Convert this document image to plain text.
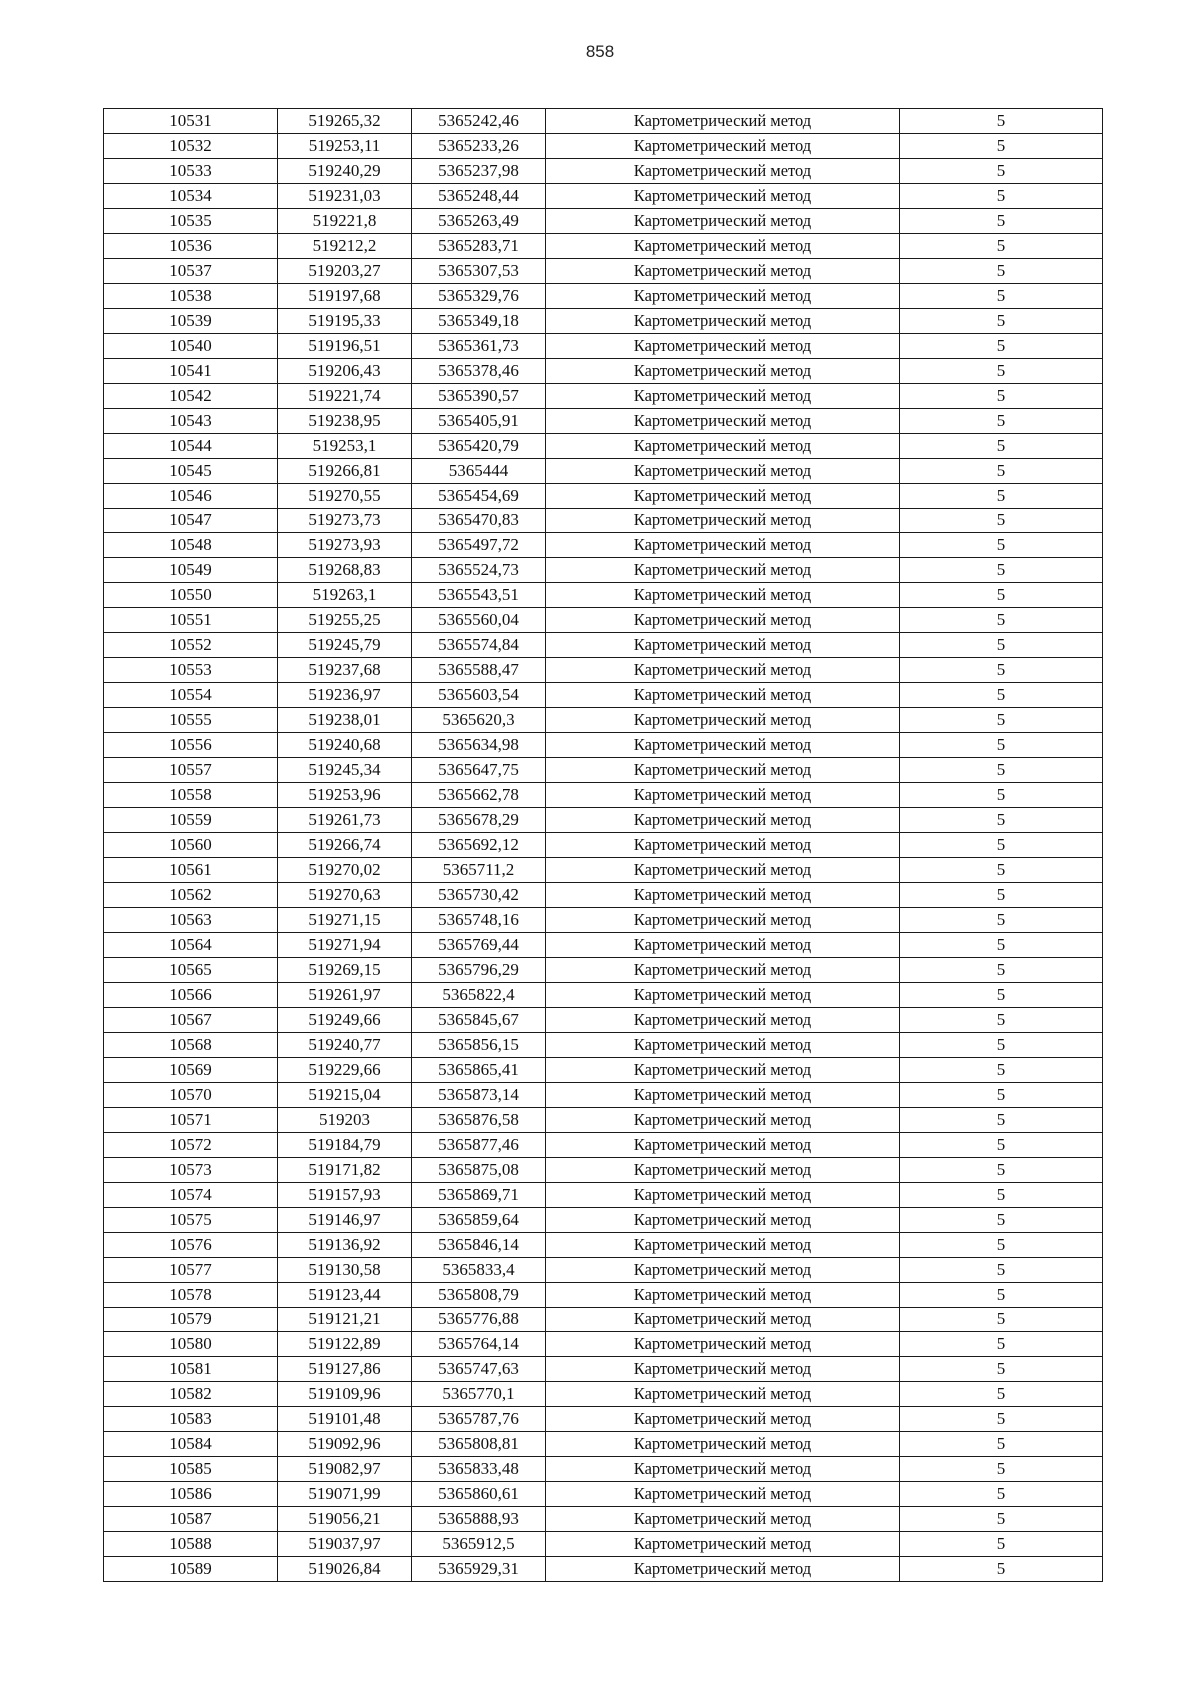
858
10531	519265,32	5365242,46	Картометрический метод	5
10532	519253,11	5365233,26	Картометрический метод	5
10533	519240,29	5365237,98	Картометрический метод	5
10534	519231,03	5365248,44	Картометрический метод	5
10535	519221,8	5365263,49	Картометрический метод	5
10536	519212,2	5365283,71	Картометрический метод	5
10537	519203,27	5365307,53	Картометрический метод	5
10538	519197,68	5365329,76	Картометрический метод	5
10539	519195,33	5365349,18	Картометрический метод	5
10540	519196,51	5365361,73	Картометрический метод	5
10541	519206,43	5365378,46	Картометрический метод	5
10542	519221,74	5365390,57	Картометрический метод	5
10543	519238,95	5365405,91	Картометрический метод	5
10544	519253,1	5365420,79	Картометрический метод	5
10545	519266,81	5365444	Картометрический метод	5
10546	519270,55	5365454,69	Картометрический метод	5
10547	519273,73	5365470,83	Картометрический метод	5
10548	519273,93	5365497,72	Картометрический метод	5
10549	519268,83	5365524,73	Картометрический метод	5
10550	519263,1	5365543,51	Картометрический метод	5
10551	519255,25	5365560,04	Картометрический метод	5
10552	519245,79	5365574,84	Картометрический метод	5
10553	519237,68	5365588,47	Картометрический метод	5
10554	519236,97	5365603,54	Картометрический метод	5
10555	519238,01	5365620,3	Картометрический метод	5
10556	519240,68	5365634,98	Картометрический метод	5
10557	519245,34	5365647,75	Картометрический метод	5
10558	519253,96	5365662,78	Картометрический метод	5
10559	519261,73	5365678,29	Картометрический метод	5
10560	519266,74	5365692,12	Картометрический метод	5
10561	519270,02	5365711,2	Картометрический метод	5
10562	519270,63	5365730,42	Картометрический метод	5
10563	519271,15	5365748,16	Картометрический метод	5
10564	519271,94	5365769,44	Картометрический метод	5
10565	519269,15	5365796,29	Картометрический метод	5
10566	519261,97	5365822,4	Картометрический метод	5
10567	519249,66	5365845,67	Картометрический метод	5
10568	519240,77	5365856,15	Картометрический метод	5
10569	519229,66	5365865,41	Картометрический метод	5
10570	519215,04	5365873,14	Картометрический метод	5
10571	519203	5365876,58	Картометрический метод	5
10572	519184,79	5365877,46	Картометрический метод	5
10573	519171,82	5365875,08	Картометрический метод	5
10574	519157,93	5365869,71	Картометрический метод	5
10575	519146,97	5365859,64	Картометрический метод	5
10576	519136,92	5365846,14	Картометрический метод	5
10577	519130,58	5365833,4	Картометрический метод	5
10578	519123,44	5365808,79	Картометрический метод	5
10579	519121,21	5365776,88	Картометрический метод	5
10580	519122,89	5365764,14	Картометрический метод	5
10581	519127,86	5365747,63	Картометрический метод	5
10582	519109,96	5365770,1	Картометрический метод	5
10583	519101,48	5365787,76	Картометрический метод	5
10584	519092,96	5365808,81	Картометрический метод	5
10585	519082,97	5365833,48	Картометрический метод	5
10586	519071,99	5365860,61	Картометрический метод	5
10587	519056,21	5365888,93	Картометрический метод	5
10588	519037,97	5365912,5	Картометрический метод	5
10589	519026,84	5365929,31	Картометрический метод	5
